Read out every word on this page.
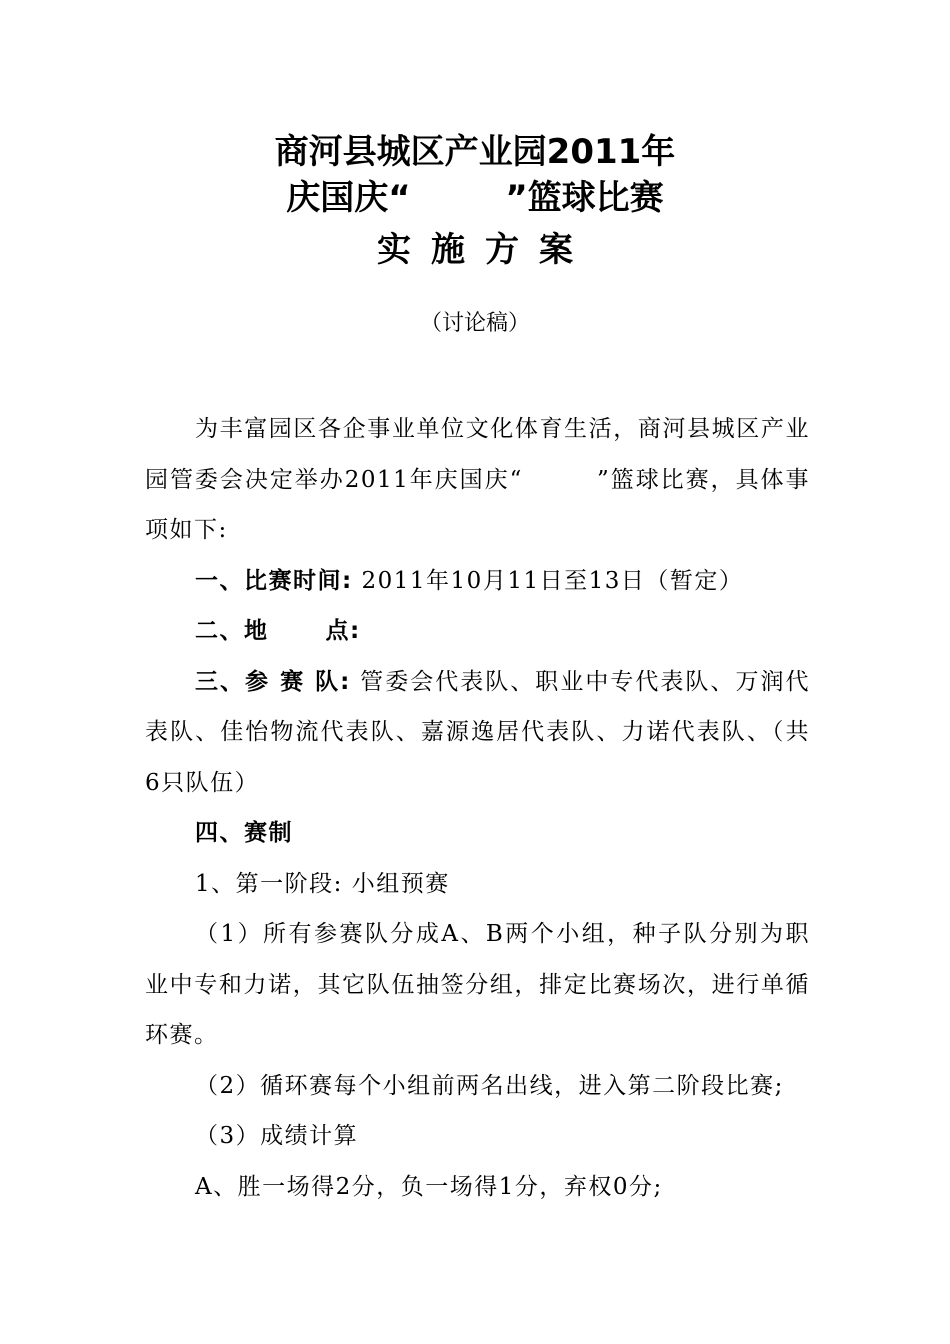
商河县城区产业园2011年
庆国庆“        ”篮球比赛
实施方案
（讨论稿）

为丰富园区各企事业单位文化体育生活，商河县城区产业园管委会决定举办2011年庆国庆“        ”篮球比赛，具体事项如下:

一、比赛时间: 2011年10月11日至13日（暂定）

二、地      点:

三、参 赛 队: 管委会代表队、职业中专代表队、万润代表队、佳怡物流代表队、嘉源逸居代表队、力诺代表队、（共6只队伍）

四、赛制

1、第一阶段: 小组预赛

（1）所有参赛队分成A、B两个小组，种子队分别为职业中专和力诺，其它队伍抽签分组，排定比赛场次，进行单循环赛。

（2）循环赛每个小组前两名出线，进入第二阶段比赛;

（3）成绩计算

A、胜一场得2分，负一场得1分，弃权0分;
